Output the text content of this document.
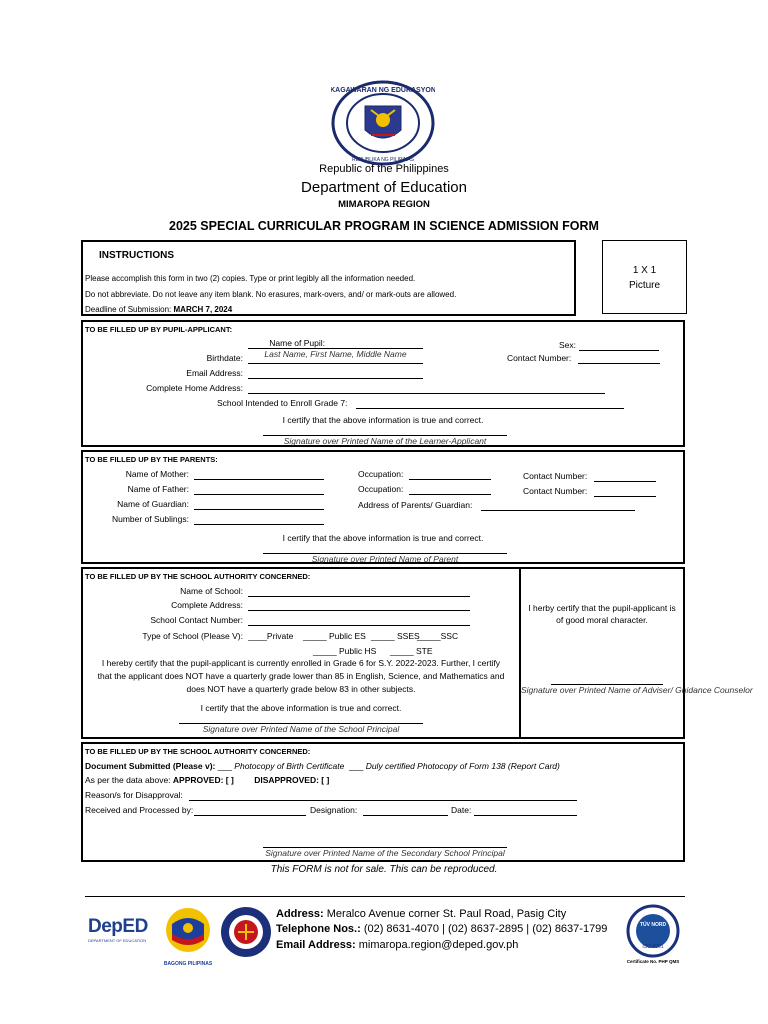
KAGAWARAN NG EDUKASYON
REPUBLIKA NG PILIPINAS
Republic of the Philippines
Department of Education
MIMAROPA REGION
2025 SPECIAL CURRICULAR PROGRAM IN SCIENCE ADMISSION FORM
INSTRUCTIONS
Please accomplish this form in two (2) copies. Type or print legibly all the information needed.
Do not abbreviate. Do not leave any item blank. No erasures, mark-overs, and/ or mark-outs are allowed.
Deadline of Submission: MARCH 7, 2024
1 X 1
Picture
TO BE FILLED UP BY PUPIL-APPLICANT:
Name of Pupil:
Last Name, First Name, Middle Name
Sex:
Birthdate:	Contact Number:
Email Address:
Complete Home Address:
School Intended to Enroll Grade 7:
I certify that the above information is true and correct.
Signature over Printed Name of the Learner-Applicant
TO BE FILLED UP BY THE PARENTS:
Name of Mother:	Occupation:	Contact Number:
Name of Father:	Occupation:	Contact Number:
Name of Guardian:	Address of Parents/ Guardian:
Number of Sublings:
I certify that the above information is true and correct.
Signature over Printed Name of Parent
TO BE FILLED UP BY THE SCHOOL AUTHORITY CONCERNED:
Name of School:
Complete Address:
School Contact Number:
Type of School (Please V): ____Private _____ Public ES _____ SSES
_____SSC
_____ Public HS _____ STE
I hereby certify that the pupil-applicant is currently enrolled in Grade 6 for S.Y. 2022-2023. Further, I certify
that the applicant does NOT have a quarterly grade lower than 85 in English, Science, and Mathematics and
does NOT have a quarterly grade below 83 in other subjects.
I certify that the above information is true and correct.
Signature over Printed Name of the School Principal
I herby certify that the pupil-applicant is
of good moral character.
Signature over Printed Name of Adviser/ Guidance Counselor
TO BE FILLED UP BY THE SCHOOL AUTHORITY CONCERNED:
Document Submitted (Please v): ___ Photocopy of Birth Certificate  ___ Duly certified Photocopy of Form 138 (Report Card)
As per the data above: APPROVED: [ ] DISAPPROVED: [ ]
Reason/s for Disapproval:
Received and Processed by:	Designation:	Date:
Signature over Printed Name of the Secondary School Principal
This FORM is not for sale. This can be reproduced.
DepED
DEPARTMENT OF EDUCATION
BAGONG PILIPINAS
Address: Meralco Avenue corner St. Paul Road, Pasig City
Telephone Nos.: (02) 8631-4070 | (02) 8637-2895 | (02) 8637-1799
Email Address: mimaropa.region@deped.gov.ph
TÜV NORD
ISO 9001
Certificate No. PHP QMS
